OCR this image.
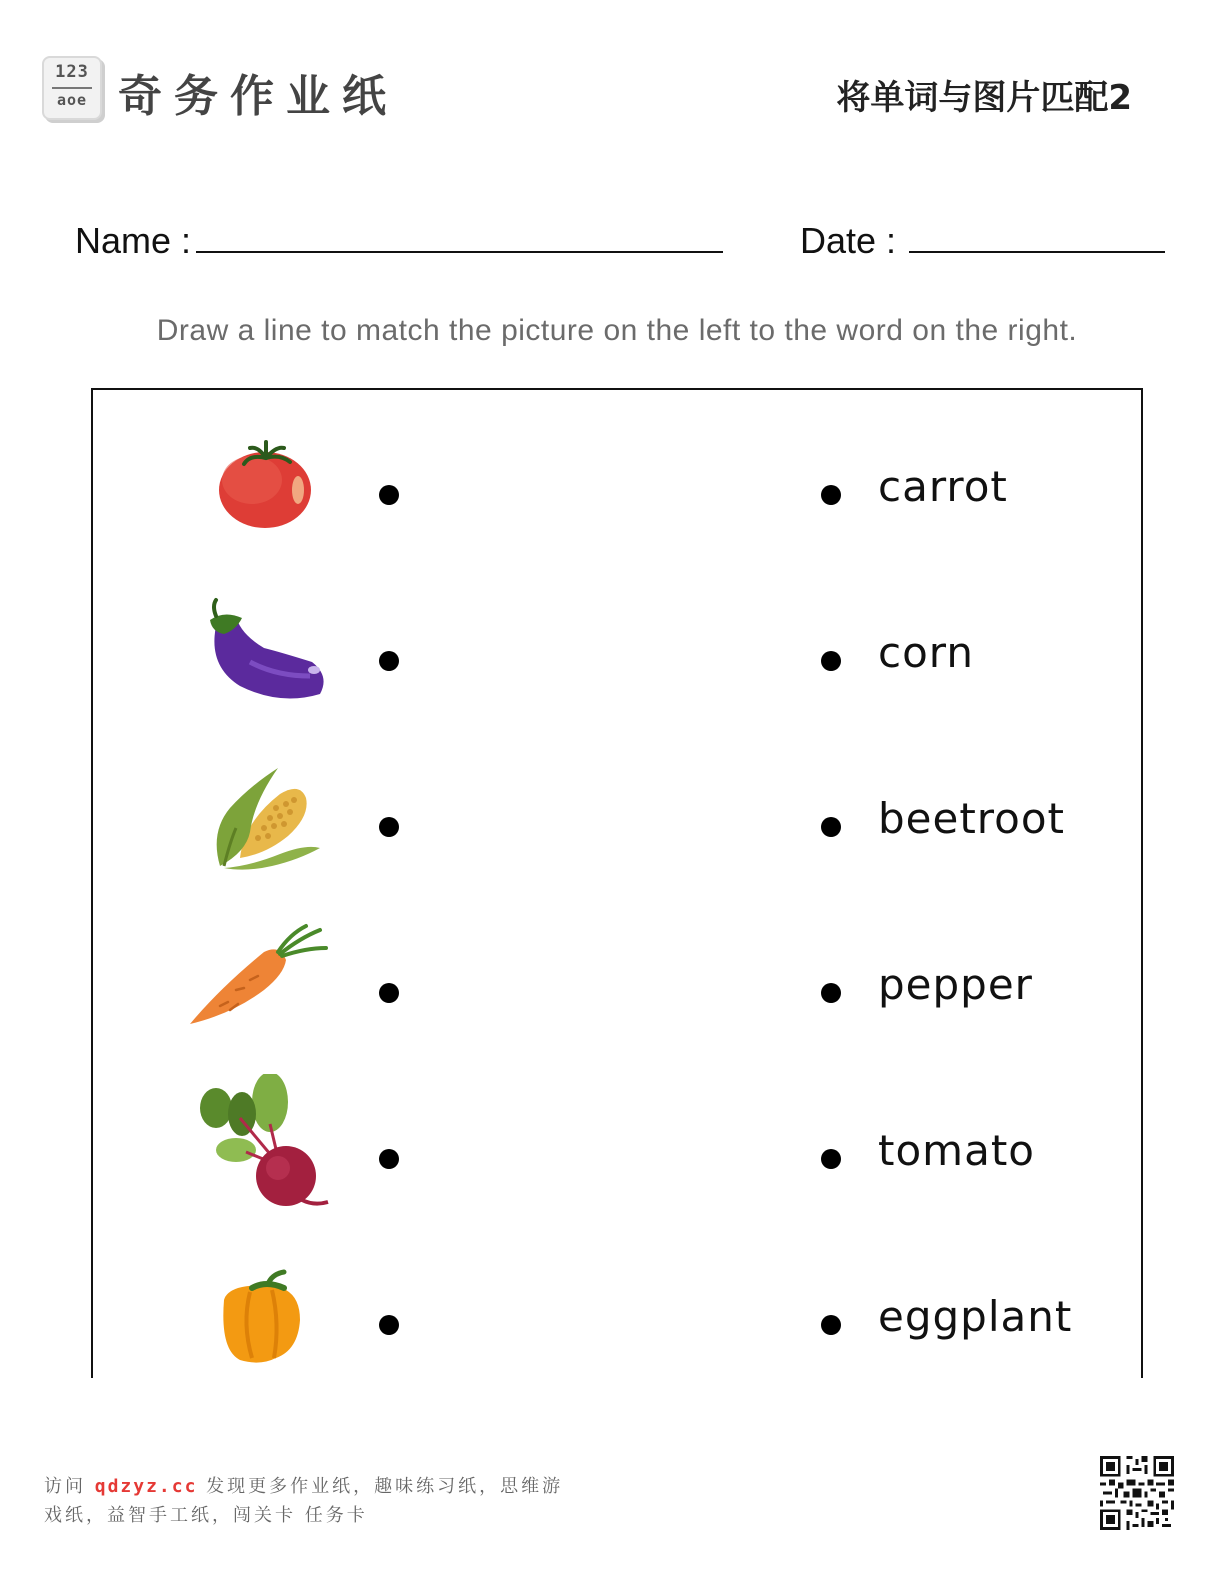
123
aoe 奇务作业纸	将单词与图片匹配2
Name :	Date :
Draw a line to match the picture on the left to the word on the right.
carrot
corn
beetroot
pepper
tomato
eggplant
访问 qdzyz.cc 发现更多作业纸，趣味练习纸，思维游
戏纸，益智手工纸，闯关卡 任务卡
